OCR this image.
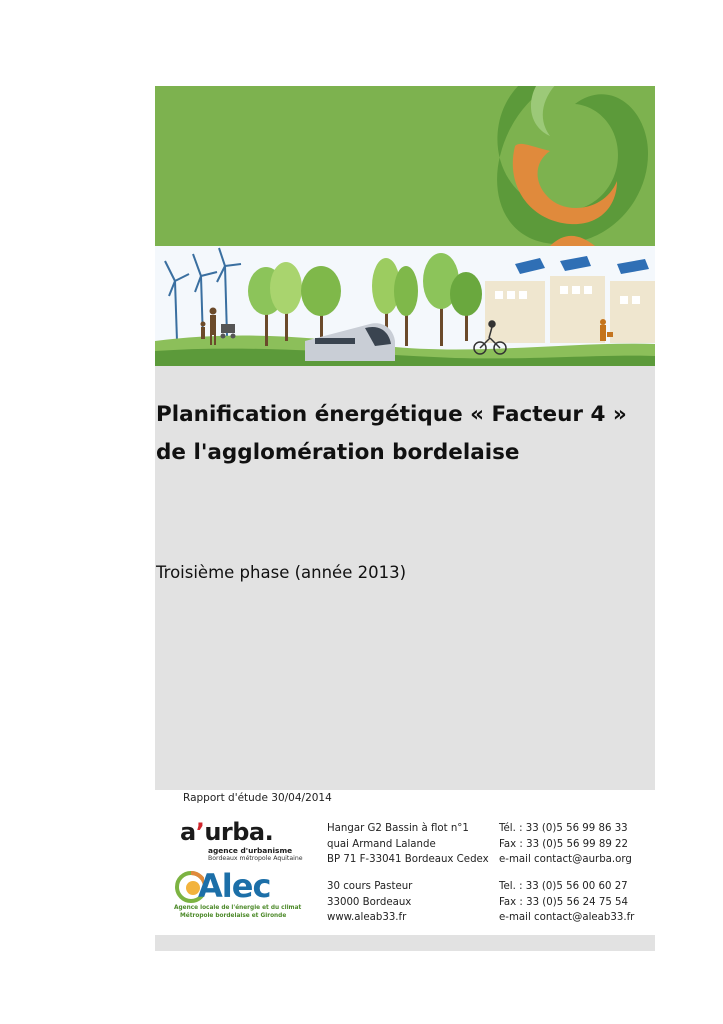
Planification énergétique « Facteur 4 »
de l'agglomération bordelaise
Troisième phase (année 2013)
Rapport d'étude 30/04/2014
a’urba.
agence d'urbanisme
Bordeaux métropole Aquitaine
Hangar G2 Bassin à flot n°1
quai Armand Lalande
BP 71 F-33041 Bordeaux Cedex
Tél. : 33 (0)5 56 99 86 33
Fax : 33 (0)5 56 99 89 22
e-mail contact@aurba.org
Alec
Agence locale de l'énergie et du climat
Métropole bordelaise et Gironde
30 cours Pasteur
33000 Bordeaux
www.aleab33.fr
Tel. : 33 (0)5 56 00 60 27
Fax : 33 (0)5 56 24 75 54
e-mail contact@aleab33.fr
